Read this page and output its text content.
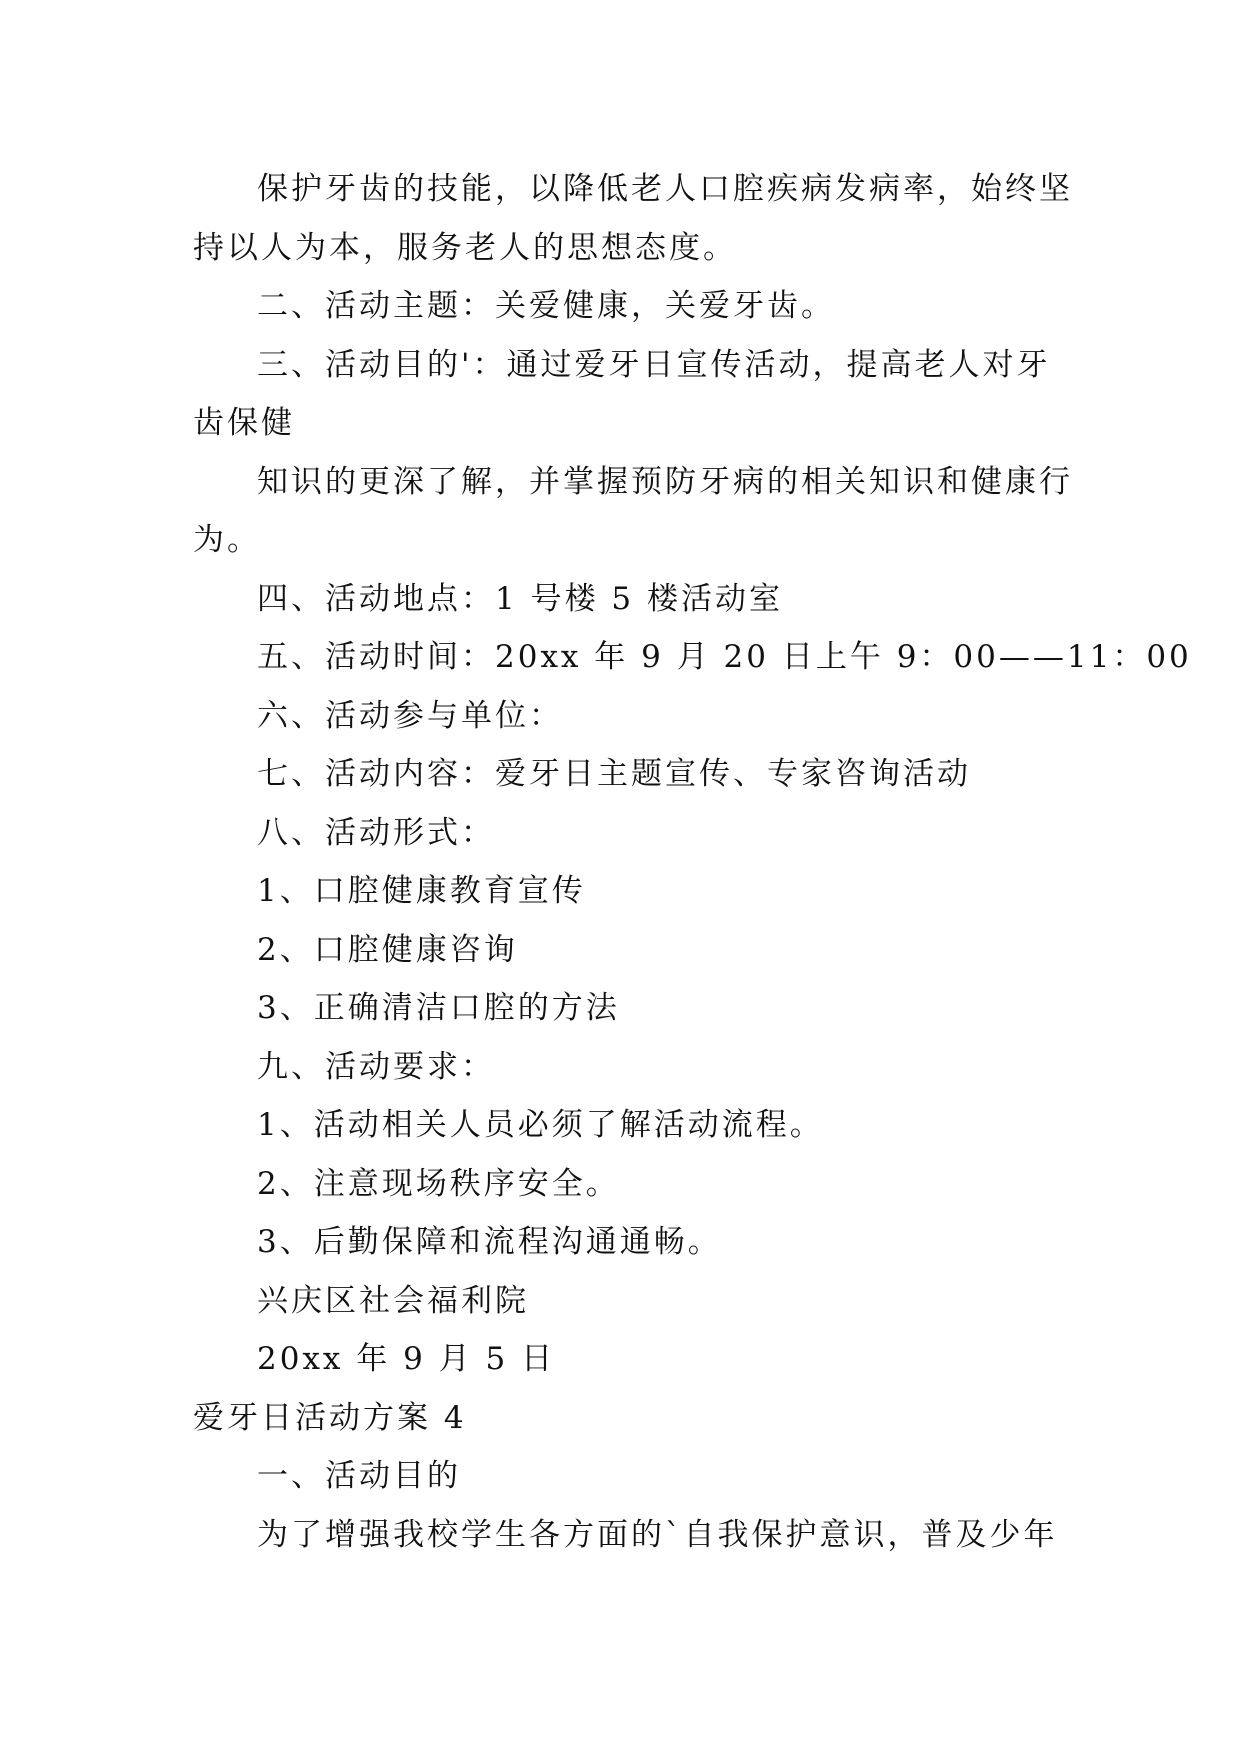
保护牙齿的技能，以降低老人口腔疾病发病率，始终坚
持以人为本，服务老人的思想态度。
二、活动主题：关爱健康，关爱牙齿。
三、活动目的'：通过爱牙日宣传活动，提高老人对牙
齿保健
知识的更深了解，并掌握预防牙病的相关知识和健康行
为。
四、活动地点：1 号楼 5 楼活动室
五、活动时间：20xx 年 9 月 20 日上午 9：00——11：00
六、活动参与单位：
七、活动内容：爱牙日主题宣传、专家咨询活动
八、活动形式：
1、口腔健康教育宣传
2、口腔健康咨询
3、正确清洁口腔的方法
九、活动要求：
1、活动相关人员必须了解活动流程。
2、注意现场秩序安全。
3、后勤保障和流程沟通通畅。
兴庆区社会福利院
20xx 年 9 月 5 日
爱牙日活动方案 4
一、活动目的
为了增强我校学生各方面的`自我保护意识，普及少年
